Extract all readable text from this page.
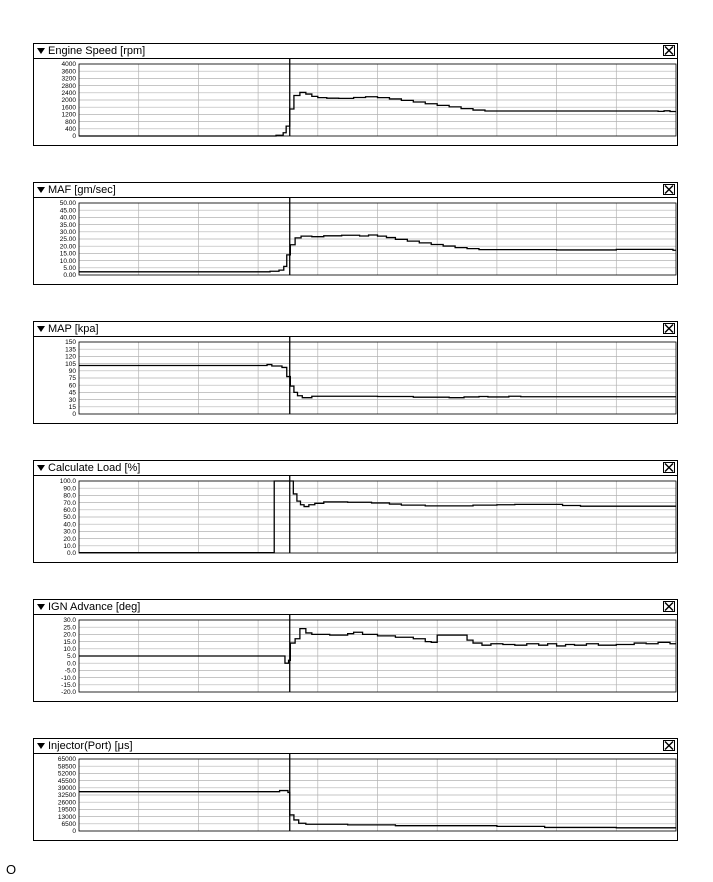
Engine Speed [rpm]
4000
3600
3200
2800
2400
2000
1600
1200
800
400
0
MAF [gm/sec]
50.00
45.00
40.00
35.00
30.00
25.00
20.00
15.00
10.00
5.00
0.00
MAP [kpa]
150
135
120
105
90
75
60
45
30
15
0
Calculate Load [%]
100.0
90.0
80.0
70.0
60.0
50.0
40.0
30.0
20.0
10.0
0.0
IGN Advance [deg]
30.0
25.0
20.0
15.0
10.0
5.0
0.0
-5.0
-10.0
-15.0
-20.0
Injector(Port) [μs]
65000
58500
52000
45500
39000
32500
26000
19500
13000
6500
0
O
